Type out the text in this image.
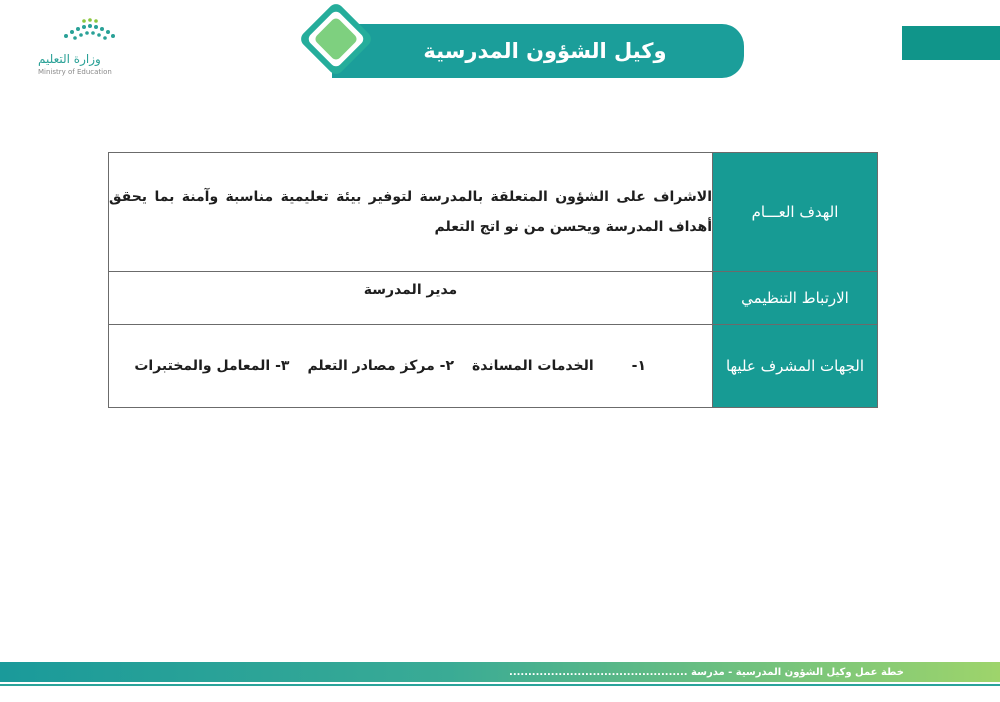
وزارة التعليم
Ministry of Education
وكيل الشؤون المدرسية
الهدف العـــام	الاشراف على الشؤون المتعلقة بالمدرسة لتوفير بيئة تعليمية مناسبة وآمنة بما يحقق أهداف المدرسة ويحسن من نو اتج التعلم
الارتباط التنظيمي	مدير المدرسة
الجهات المشرف عليها	١-
الخدمات المساندة
٢- مركز مصادر التعلم
٣- المعامل والمختبرات
خطة عمل وكيل الشؤون المدرسية - مدرسة ...............................................
